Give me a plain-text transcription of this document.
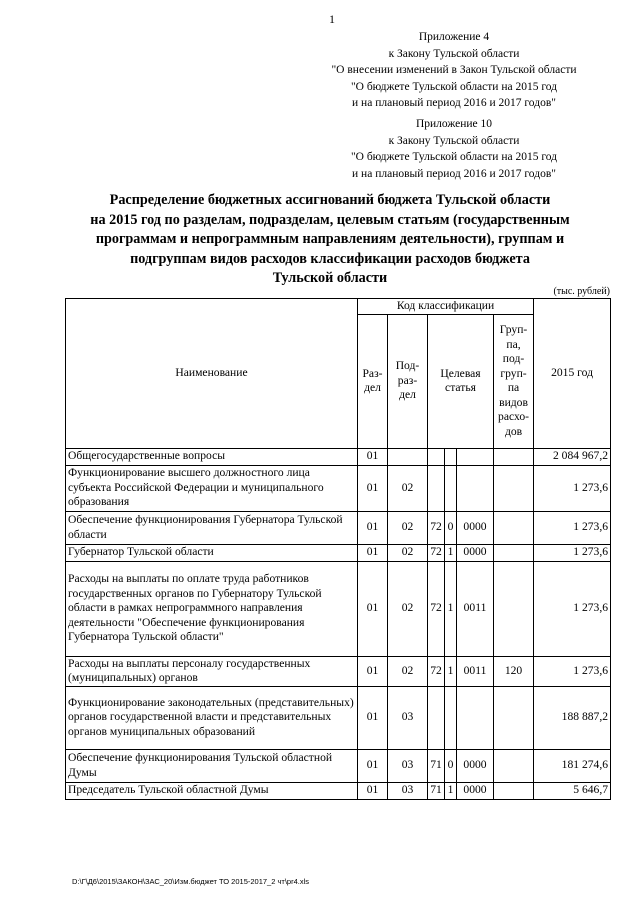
1
Приложение 4
к Закону Тульской области
"О внесении изменений в Закон Тульской области
"О бюджете Тульской области на 2015 год
и на плановый период 2016 и 2017 годов"
Приложение 10
к Закону Тульской области
"О бюджете Тульской области на 2015 год
и на плановый период 2016 и 2017 годов"
Распределение бюджетных ассигнований бюджета Тульской области
на 2015 год по разделам, подразделам, целевым статьям (государственным
программам и непрограммным направлениям деятельности), группам и
подгруппам видов расходов классификации расходов бюджета
Тульской области
(тыс. рублей)
Наименование	Код классификации						2015 год
	Раз- дел	Под- раз- дел	Целевая статья			Груп- па, под- груп- па видов расхо- дов	
Общегосударственные вопросы	01						2 084 967,2
Функционирование высшего должностного лица субъекта Российской Федерации и муниципального образования	01	02					1 273,6
Обеспечение функционирования Губернатора Тульской области	01	02	72	0	0000		1 273,6
Губернатор Тульской области	01	02	72	1	0000		1 273,6
Расходы на выплаты по оплате труда работников государственных органов по Губернатору Тульской области в рамках непрограммного направления деятельности "Обеспечение функционирования Губернатора Тульской области"	01	02	72	1	0011		1 273,6
Расходы на выплаты персоналу государственных (муниципальных) органов	01	02	72	1	0011	120	1 273,6
Функционирование законодательных (представительных) органов государственной власти и представительных органов муниципальных образований	01	03					188 887,2
Обеспечение функционирования Тульской областной Думы	01	03	71	0	0000		181 274,6
Председатель Тульской областной Думы	01	03	71	1	0000		5 646,7
D:\Г\Д6\2015\ЗАКОН\ЗАС_20\Изм.бюджет ТО 2015-2017_2 чт\pr4.xls
